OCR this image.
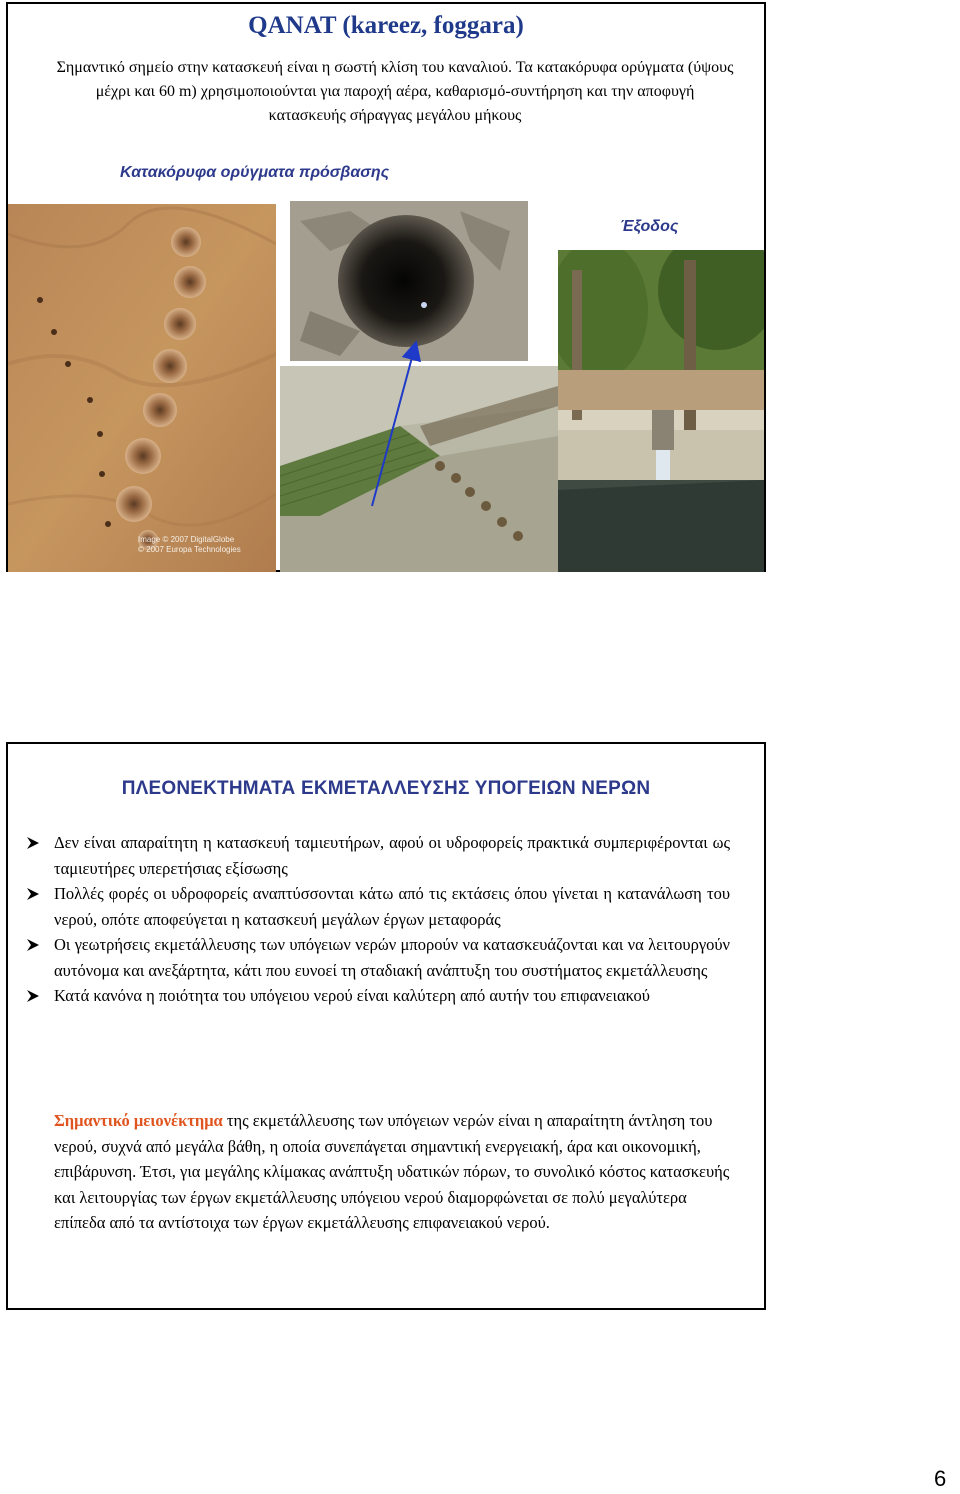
QANAT (kareez, foggara)
Σημαντικό σημείο στην κατασκευή είναι η σωστή κλίση του καναλιού. Τα κατακόρυφα ορύγματα (ύψους μέχρι και 60 m) χρησιμοποιούνται για παροχή αέρα, καθαρισμό-συντήρηση και την αποφυγή κατασκευής σήραγγας μεγάλου μήκους
Κατακόρυφα ορύγματα πρόσβασης
Έξοδος
Image © 2007 DigitalGlobe
© 2007 Europa Technologies
ΠΛΕΟΝΕΚΤΗΜΑΤΑ ΕΚΜΕΤΑΛΛΕΥΣΗΣ ΥΠΟΓΕΙΩΝ ΝΕΡΩΝ
Δεν είναι απαραίτητη η κατασκευή ταμιευτήρων, αφού οι υδροφορείς πρακτικά συμπεριφέρονται ως ταμιευτήρες υπερετήσιας εξίσωσης
Πολλές φορές οι υδροφορείς αναπτύσσονται κάτω από τις εκτάσεις όπου γίνεται η κατανάλωση του νερού, οπότε αποφεύγεται η κατασκευή μεγάλων έργων μεταφοράς
Οι γεωτρήσεις εκμετάλλευσης των υπόγειων νερών μπορούν να κατασκευάζονται και να λειτουργούν αυτόνομα και ανεξάρτητα, κάτι που ευνοεί τη σταδιακή ανάπτυξη του συστήματος εκμετάλλευσης
Κατά κανόνα η ποιότητα του υπόγειου νερού είναι καλύτερη από αυτήν του επιφανειακού
Σημαντικό μειονέκτημα της εκμετάλλευσης των υπόγειων νερών είναι η απαραίτητη άντληση του νερού, συχνά από μεγάλα βάθη, η οποία συνεπάγεται σημαντική ενεργειακή, άρα και οικονομική, επιβάρυνση. Έτσι, για μεγάλης κλίμακας ανάπτυξη υδατικών πόρων, το συνολικό κόστος κατασκευής και λειτουργίας των έργων εκμετάλλευσης υπόγειου νερού διαμορφώνεται σε πολύ μεγαλύτερα επίπεδα από τα αντίστοιχα των έργων εκμετάλλευσης επιφανειακού νερού.
6
